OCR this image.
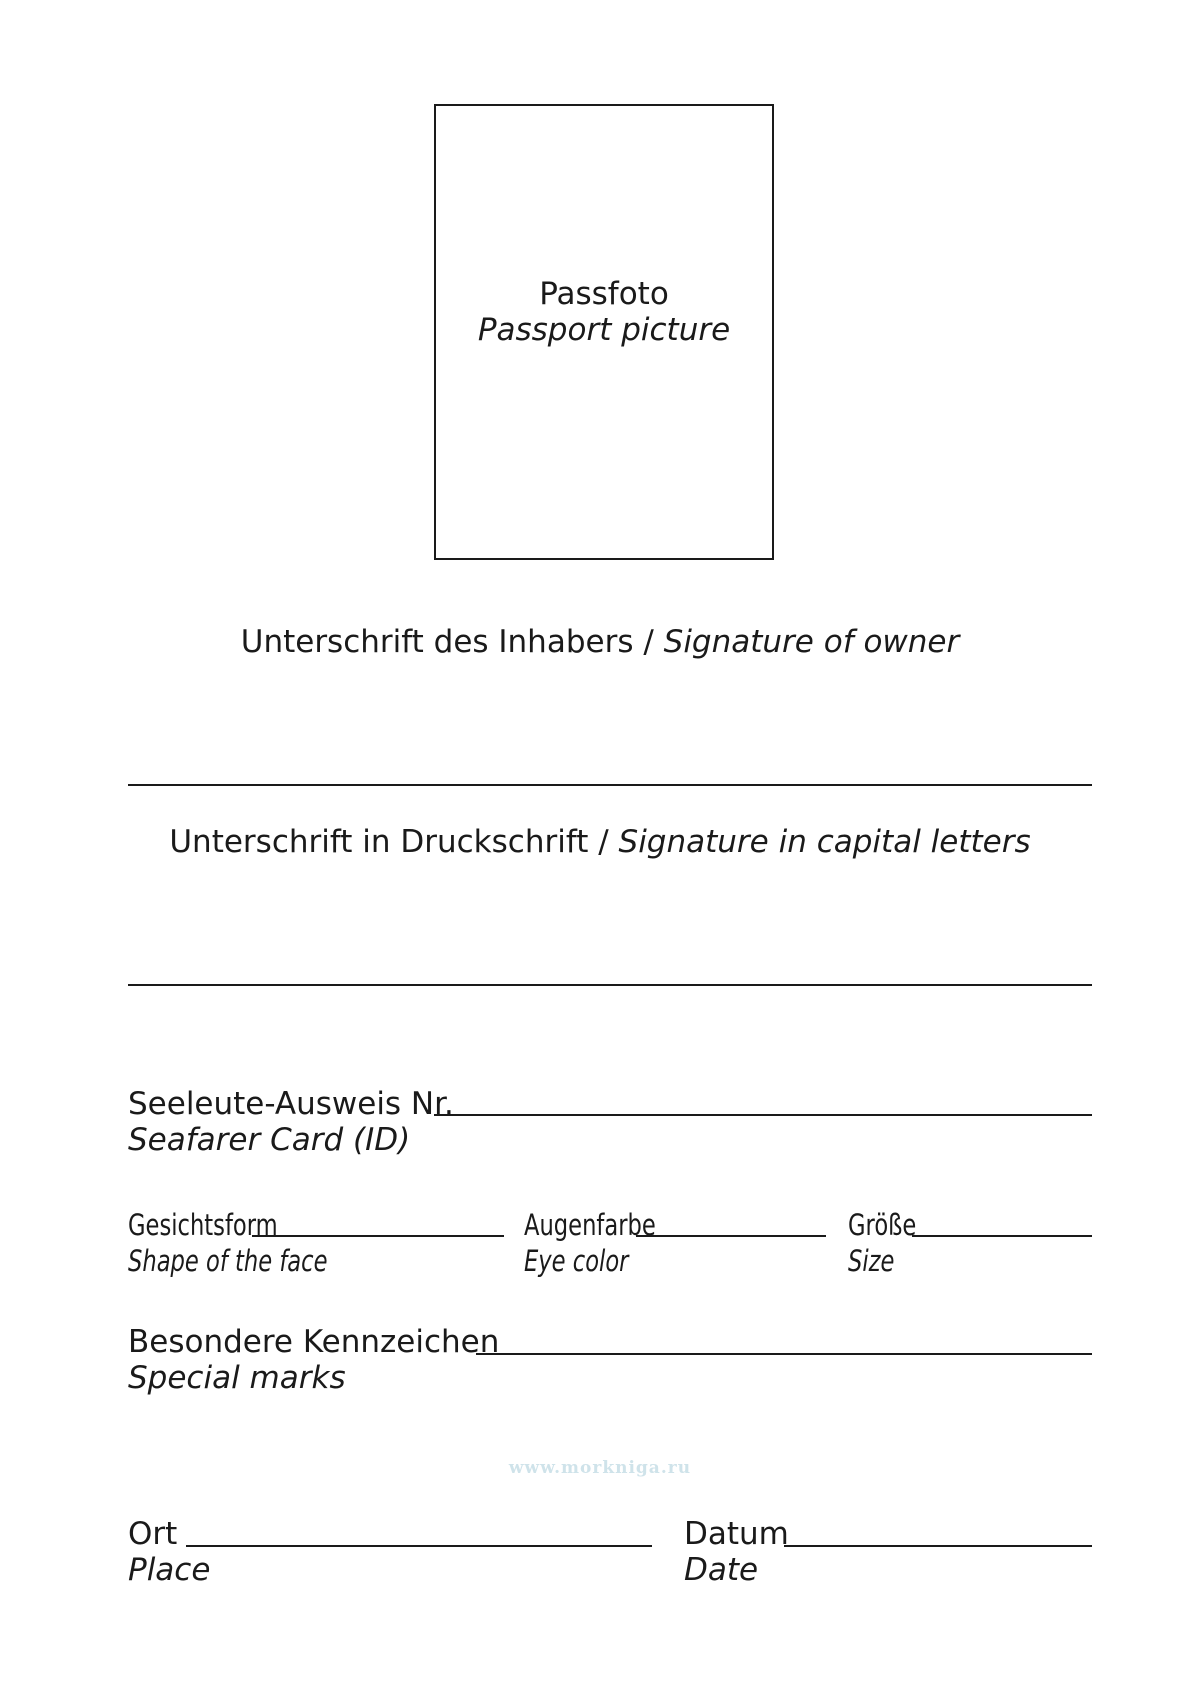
Passfoto
Passport picture
Unterschrift des Inhabers / Signature of owner
Unterschrift in Druckschrift / Signature in capital letters
Seeleute-Ausweis Nr.
Seafarer Card (ID)
Gesichtsform
Shape of the face
Augenfarbe
Eye color
Größe
Size
Besondere Kennzeichen
Special marks
www.morkniga.ru
Ort
Place
Datum
Date
